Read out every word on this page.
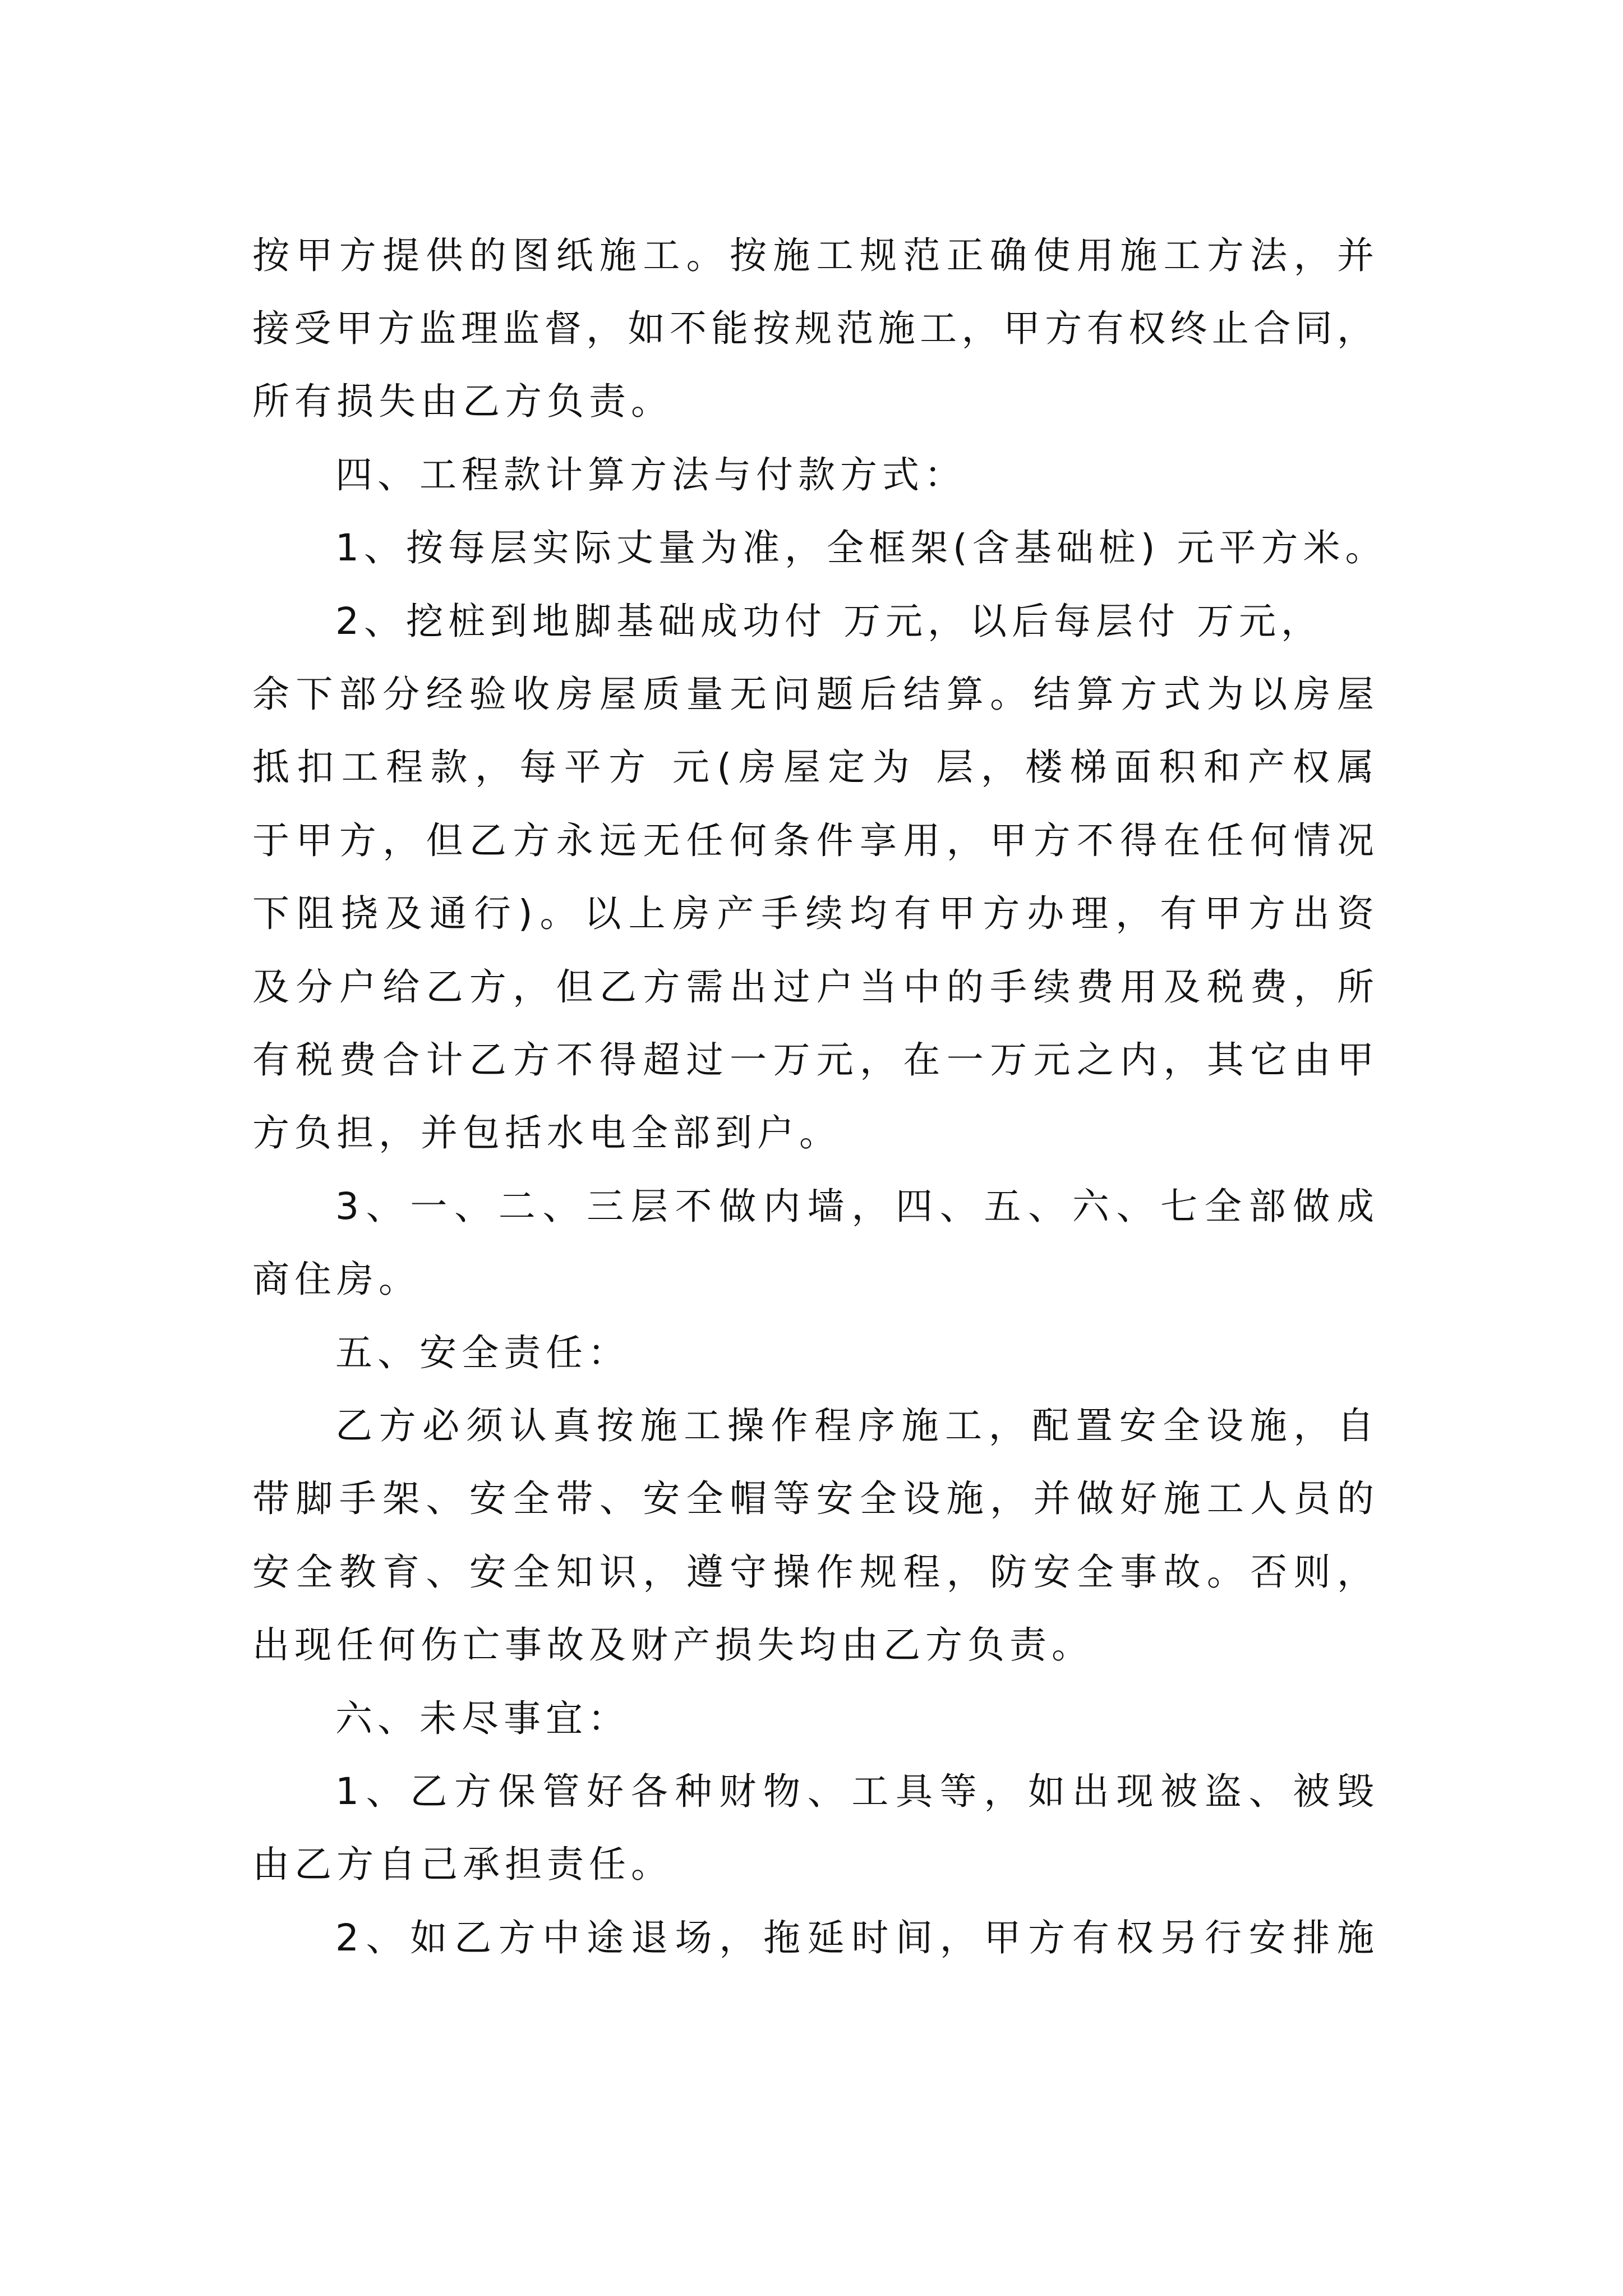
按甲方提供的图纸施工。按施工规范正确使用施工方法，并
接受甲方监理监督，如不能按规范施工，甲方有权终止合同，
所有损失由乙方负责。
四、工程款计算方法与付款方式：
1、按每层实际丈量为准，全框架(含基础桩) 元平方米。
2、挖桩到地脚基础成功付 万元，以后每层付 万元，
余下部分经验收房屋质量无问题后结算。结算方式为以房屋
抵扣工程款，每平方 元(房屋定为 层，楼梯面积和产权属
于甲方，但乙方永远无任何条件享用，甲方不得在任何情况
下阻挠及通行)。以上房产手续均有甲方办理，有甲方出资
及分户给乙方，但乙方需出过户当中的手续费用及税费，所
有税费合计乙方不得超过一万元，在一万元之内，其它由甲
方负担，并包括水电全部到户。
3、一、二、三层不做内墙，四、五、六、七全部做成
商住房。
五、安全责任：
乙方必须认真按施工操作程序施工，配置安全设施，自
带脚手架、安全带、安全帽等安全设施，并做好施工人员的
安全教育、安全知识，遵守操作规程，防安全事故。否则，
出现任何伤亡事故及财产损失均由乙方负责。
六、未尽事宜：
1、乙方保管好各种财物、工具等，如出现被盗、被毁
由乙方自己承担责任。
2、如乙方中途退场，拖延时间，甲方有权另行安排施
